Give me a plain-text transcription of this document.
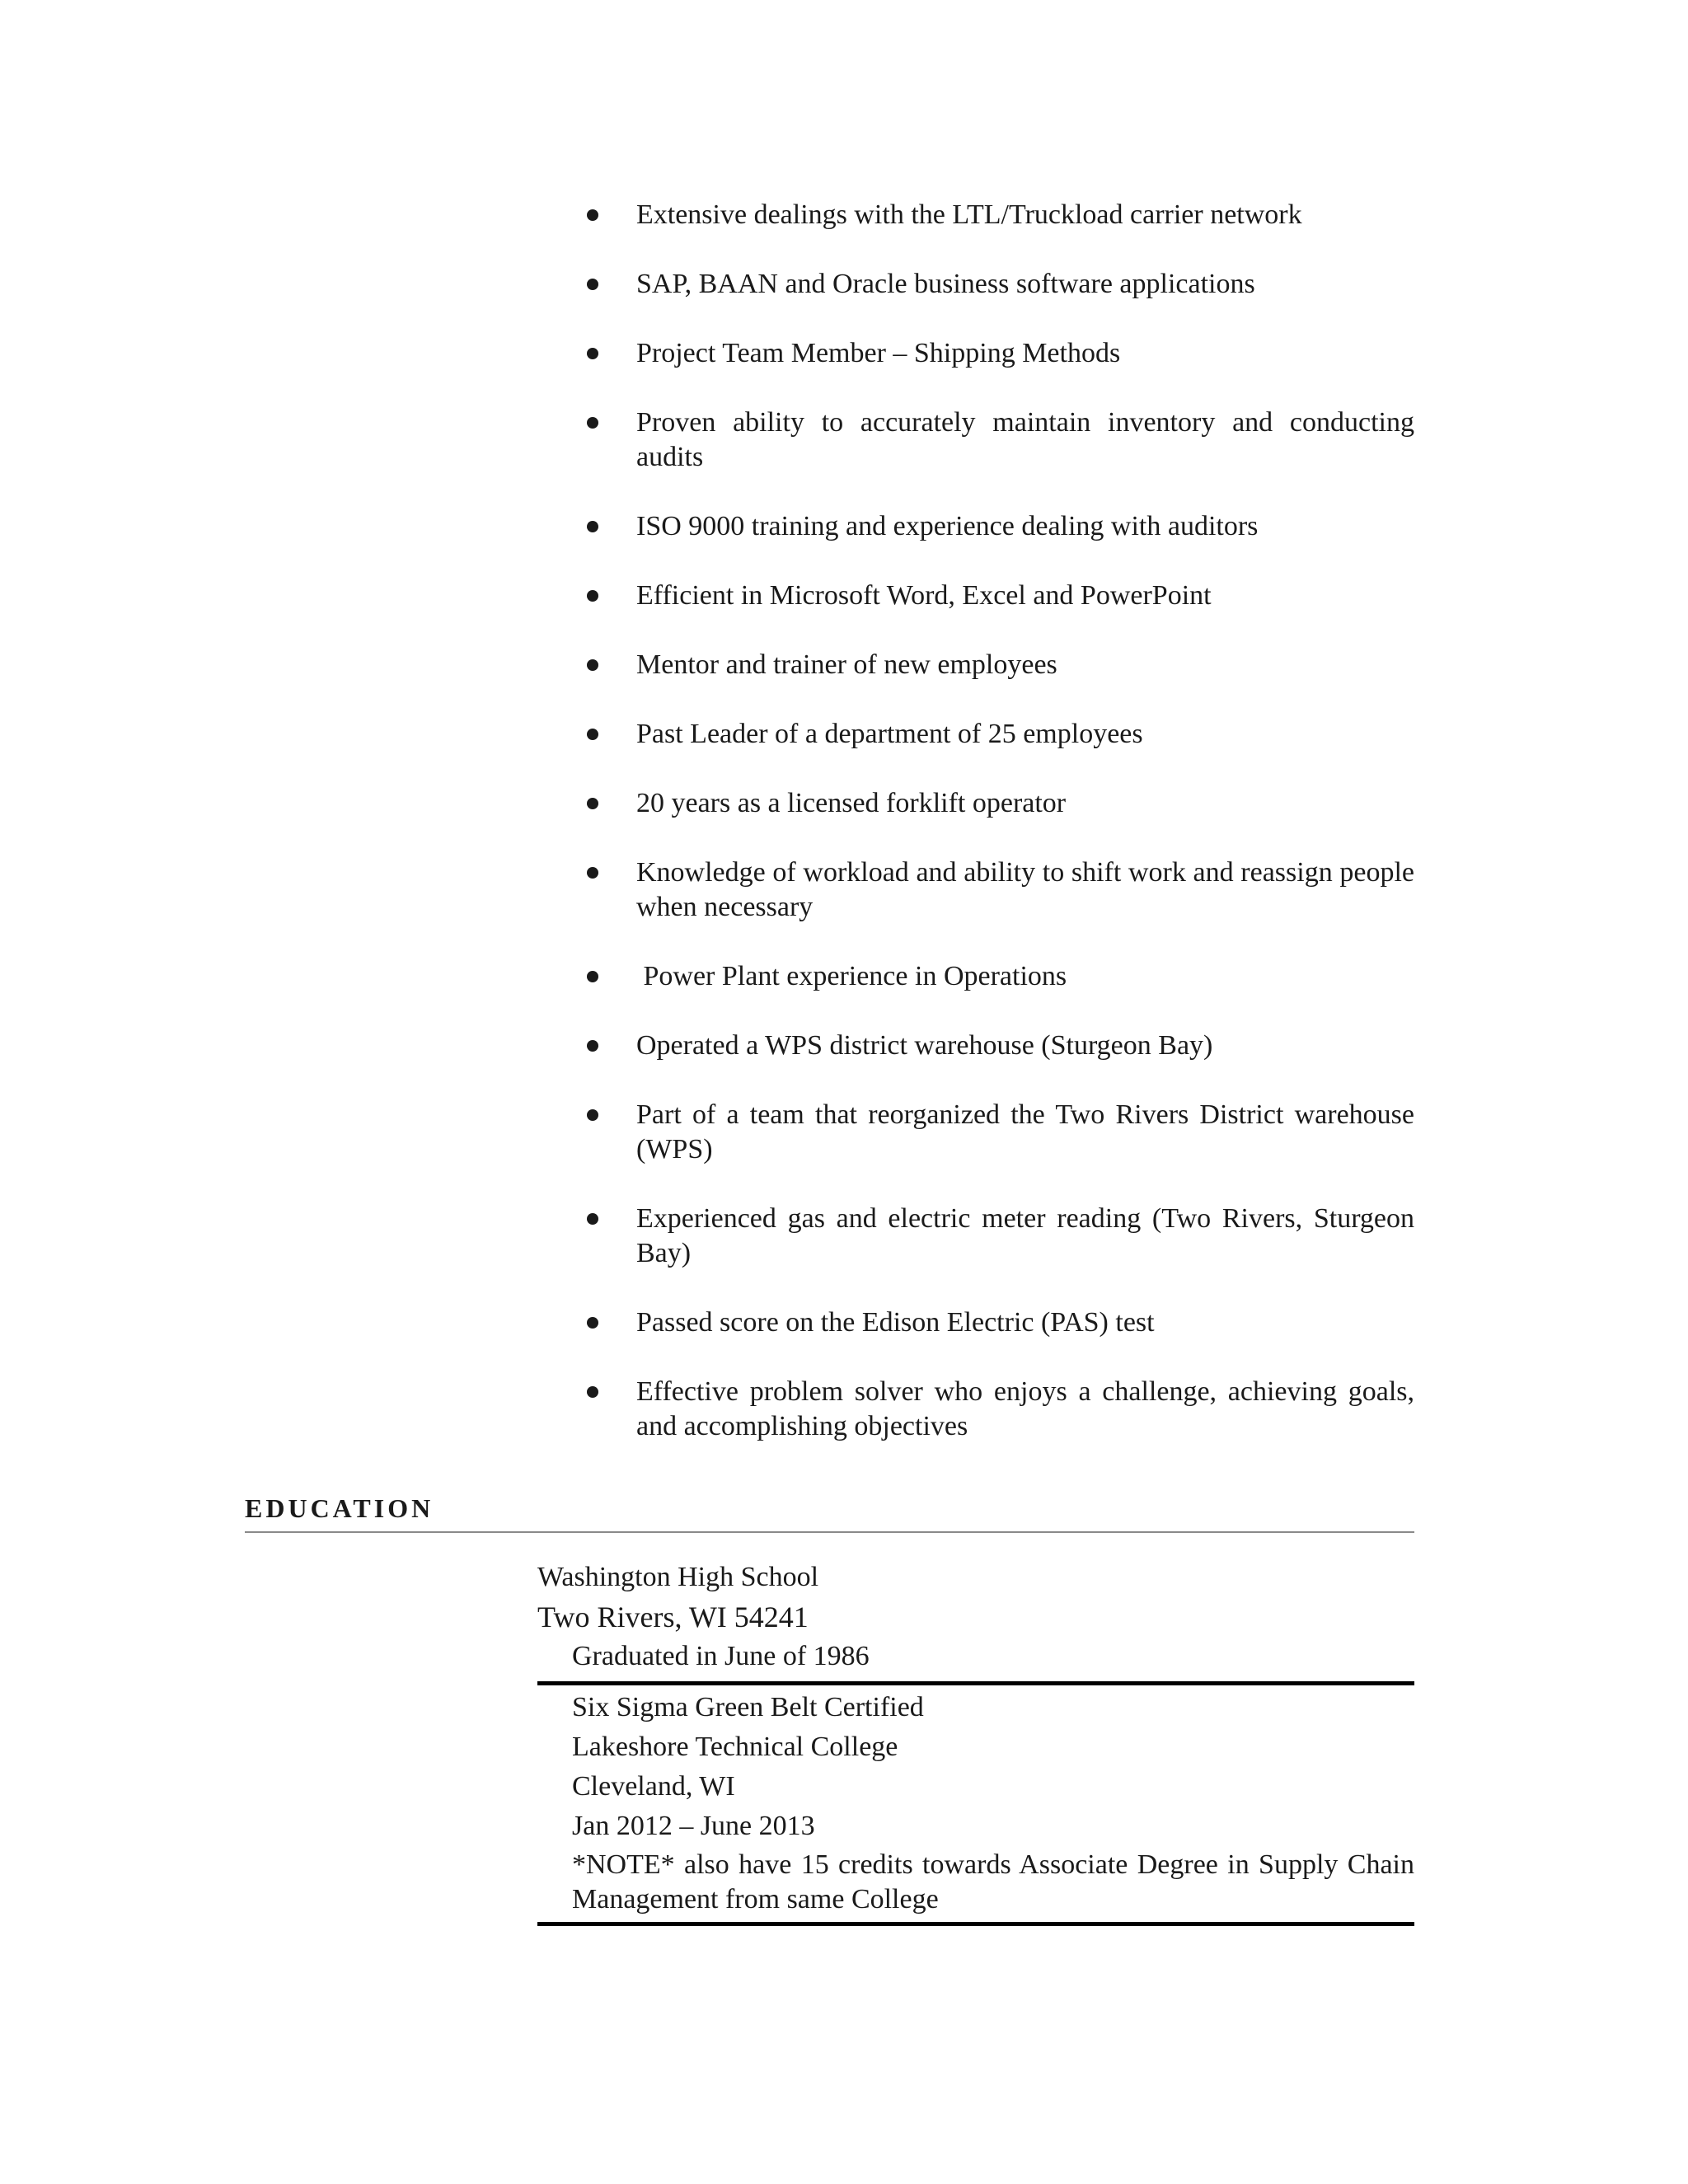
Extensive dealings with the LTL/Truckload carrier network
SAP, BAAN and Oracle business software applications
Project Team Member – Shipping Methods
Proven ability to accurately maintain inventory and conducting audits
ISO 9000 training and experience dealing with auditors
Efficient in Microsoft Word, Excel and PowerPoint
Mentor and trainer of new employees
Past Leader of a department of 25 employees
20 years as a licensed forklift operator
Knowledge of workload and ability to shift work and reassign people when necessary
Power Plant experience in Operations
Operated a WPS district warehouse (Sturgeon Bay)
Part of a team that reorganized the Two Rivers District warehouse (WPS)
Experienced gas and electric meter reading (Two Rivers, Sturgeon Bay)
Passed score on the Edison Electric (PAS) test
Effective problem solver who enjoys a challenge, achieving goals, and accomplishing objectives
EDUCATION
Washington High School
Two Rivers, WI 54241
Graduated in June of 1986
Six Sigma Green Belt Certified
Lakeshore Technical College
Cleveland, WI
Jan 2012 – June 2013
*NOTE* also have 15 credits towards Associate Degree in Supply Chain Management from same College
